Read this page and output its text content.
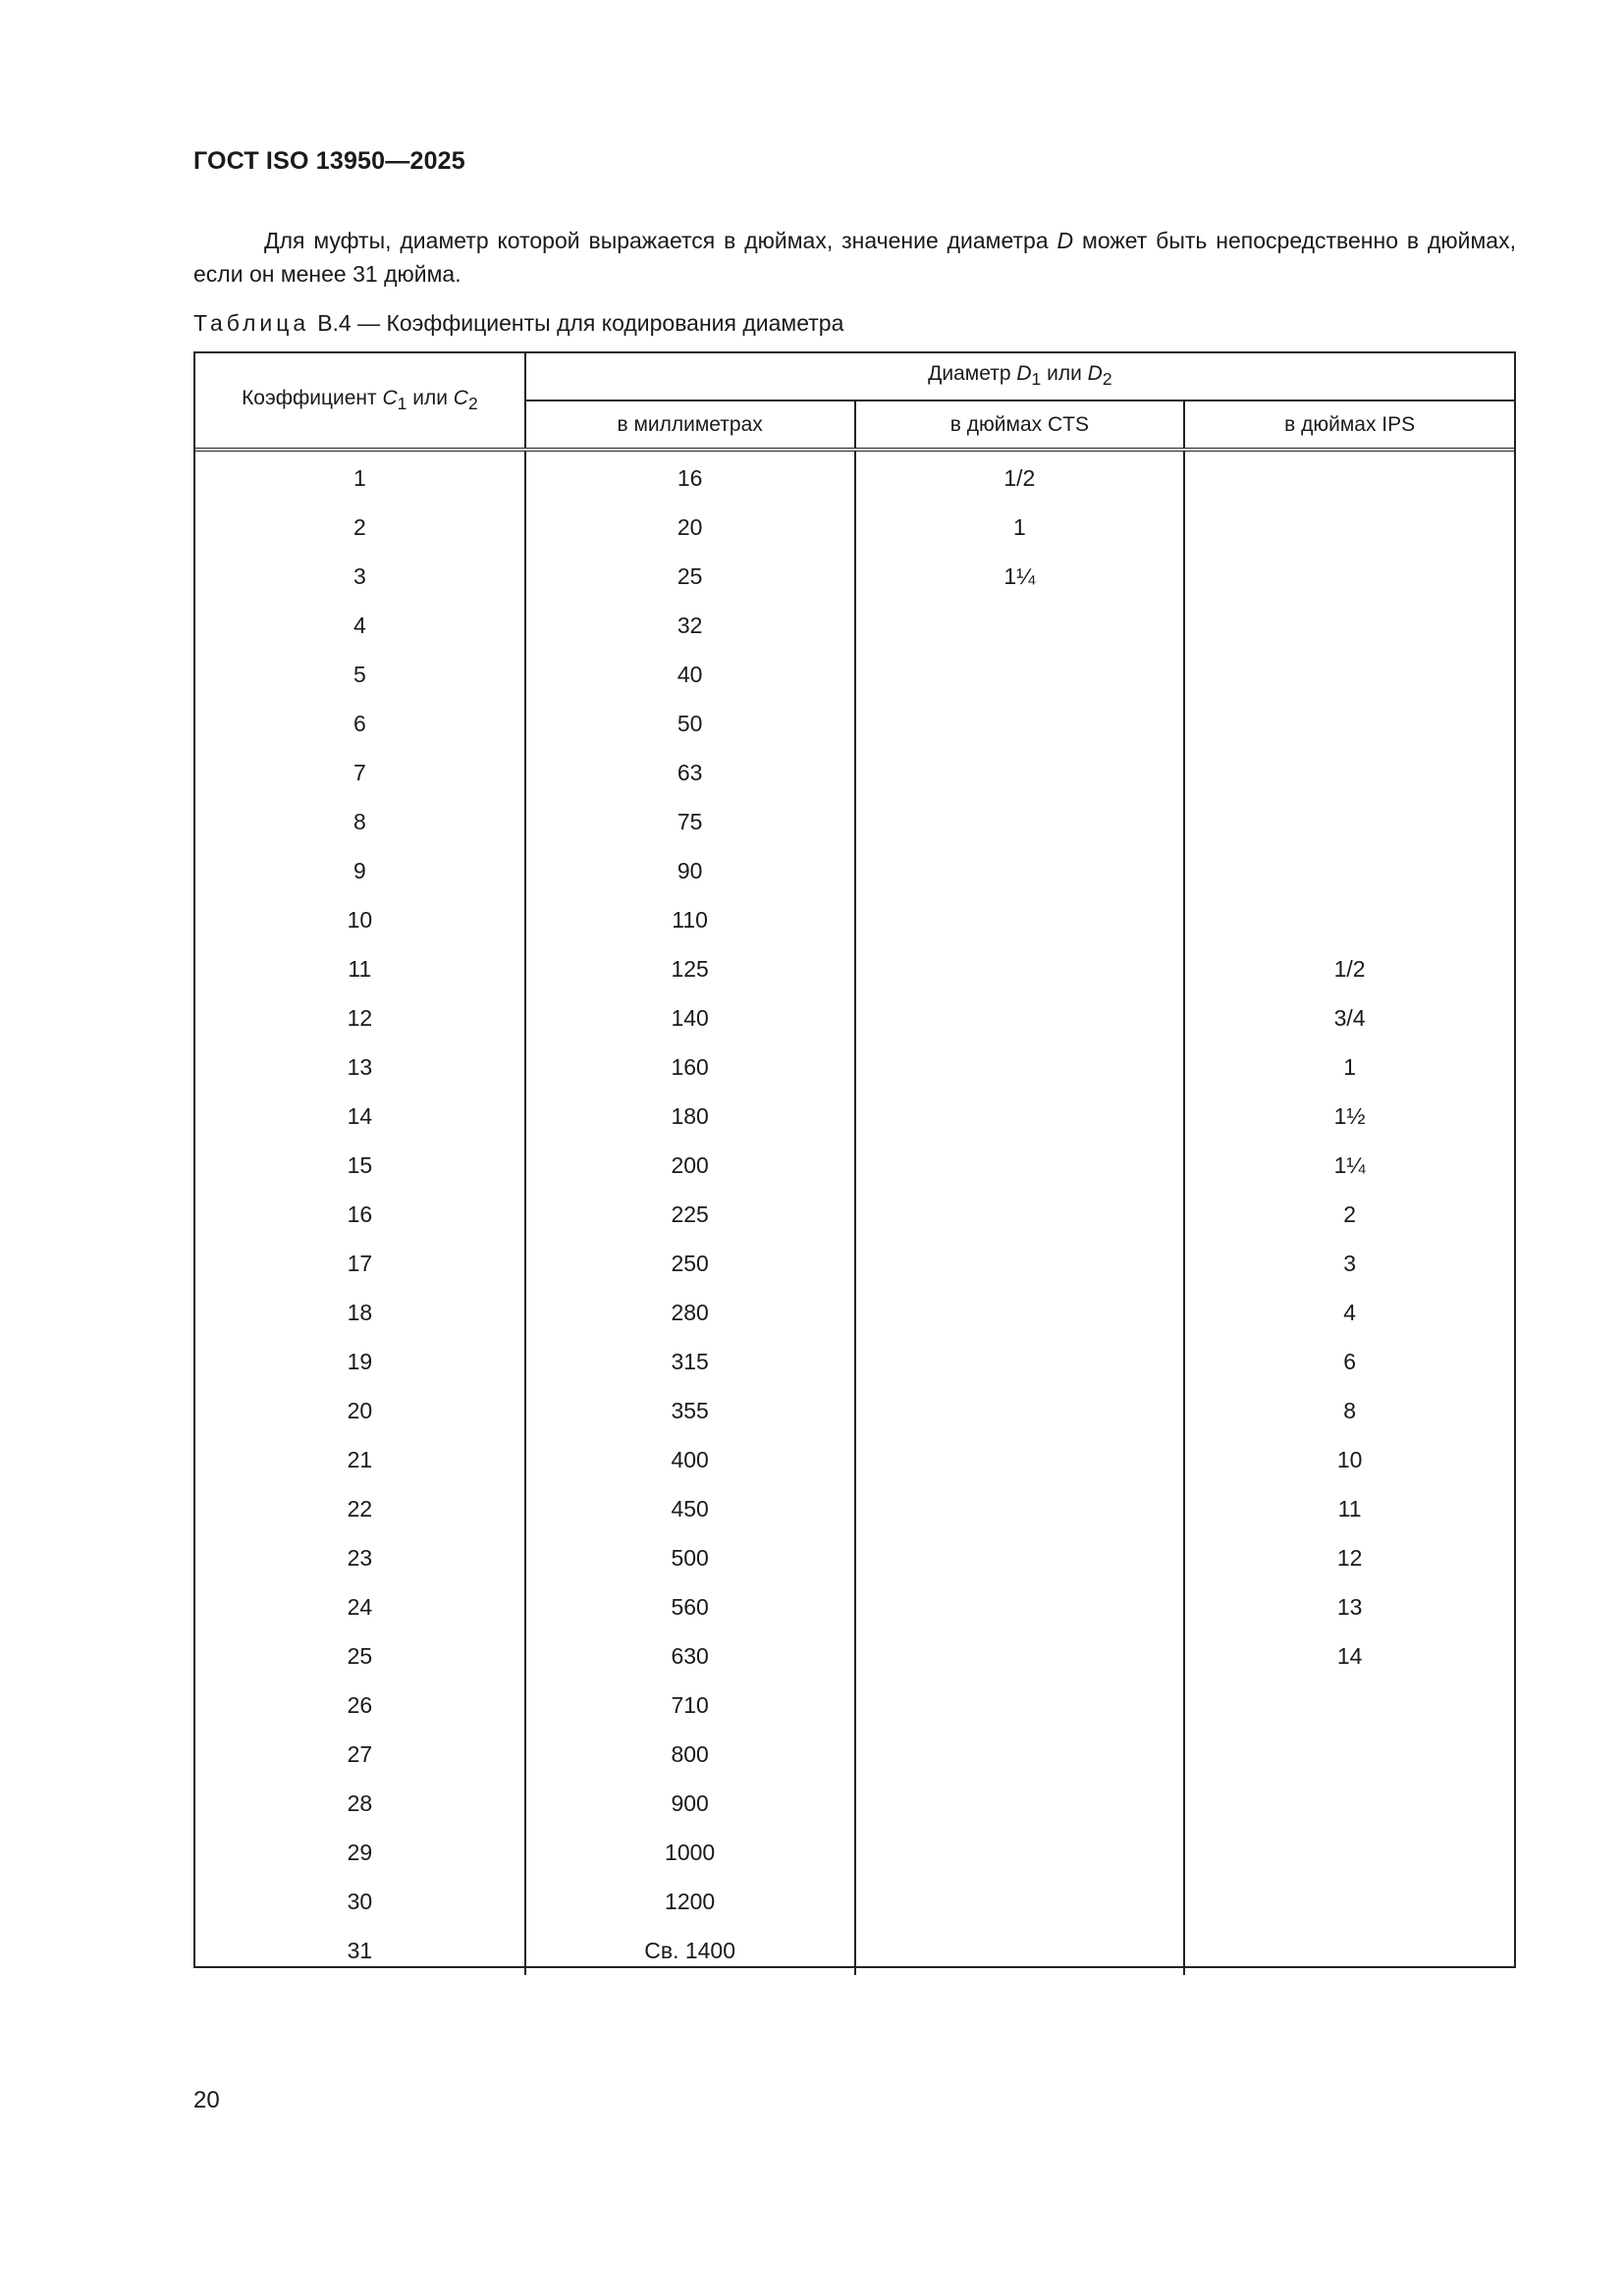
ГОСТ ISO 13950—2025

Для муфты, диаметр которой выражается в дюймах, значение диаметра D может быть непосредственно в дюймах, если он менее 31 дюйма.

Таблица В.4 — Коэффициенты для кодирования диаметра
Коэффициент $C_1$ или $C_2$	Диаметр $D_1$ или $D_2$
	в миллиметрах	в дюймах CTS	в дюймах IPS
1	16	1/2	
2	20	1	
3	25	1¼	
4	32		
5	40		
6	50		
7	63		
8	75		
9	90		
10	110		
11	125		1/2
12	140		3/4
13	160		1
14	180		1½
15	200		1¼
16	225		2
17	250		3
18	280		4
19	315		6
20	355		8
21	400		10
22	450		11
23	500		12
24	560		13
25	630		14
26	710		
27	800		
28	900		
29	1000		
30	1200		
31	Св. 1400		
20
